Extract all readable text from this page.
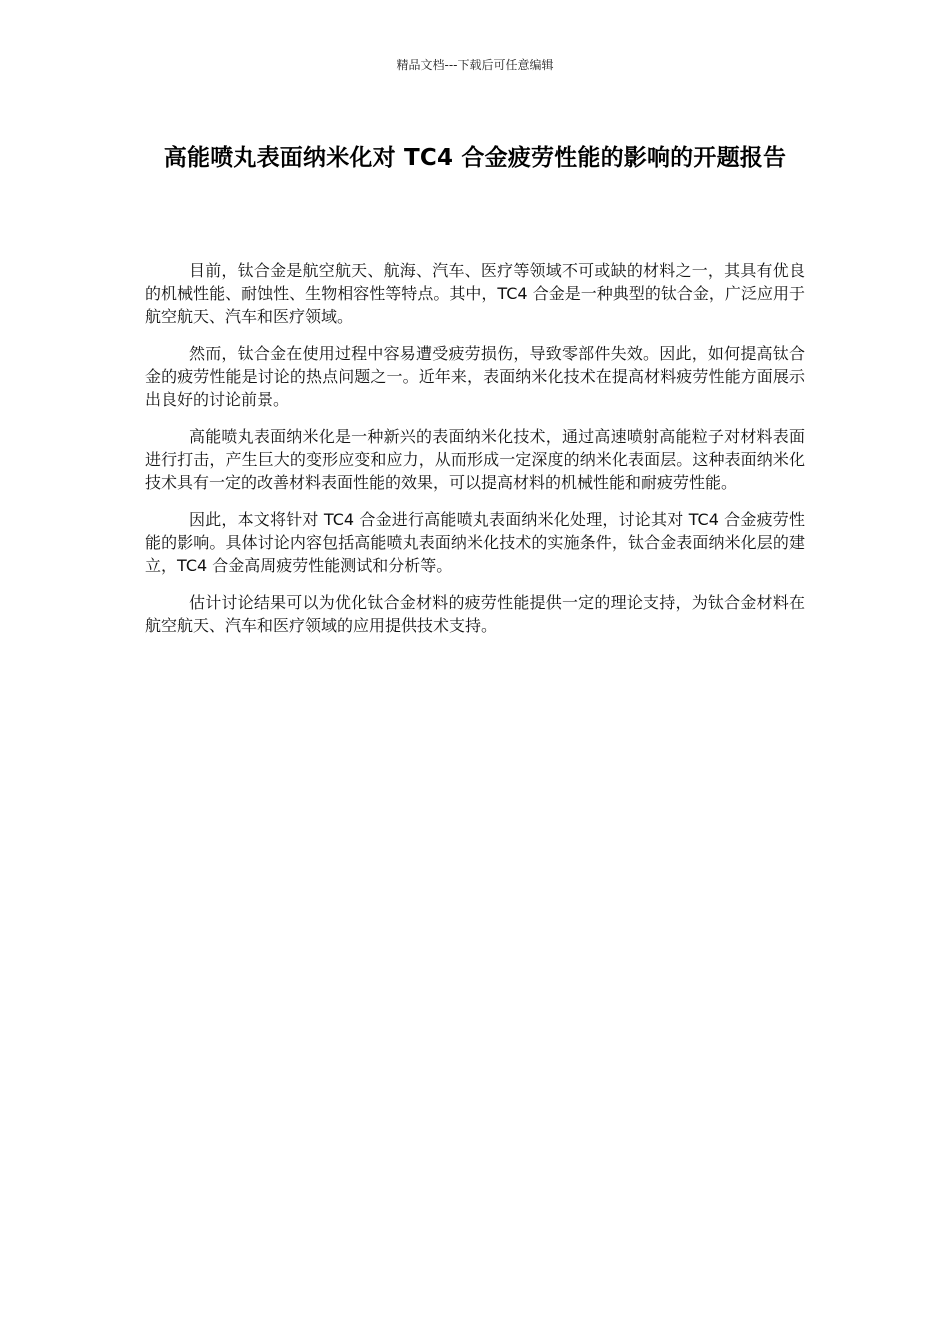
精品文档---下载后可任意编辑
高能喷丸表面纳米化对 TC4 合金疲劳性能的影响的开题报告

目前，钛合金是航空航天、航海、汽车、医疗等领域不可或缺的材料之一，其具有优良的机械性能、耐蚀性、生物相容性等特点。其中，TC4 合金是一种典型的钛合金，广泛应用于航空航天、汽车和医疗领域。

然而，钛合金在使用过程中容易遭受疲劳损伤，导致零部件失效。因此，如何提高钛合金的疲劳性能是讨论的热点问题之一。近年来，表面纳米化技术在提高材料疲劳性能方面展示出良好的讨论前景。

高能喷丸表面纳米化是一种新兴的表面纳米化技术，通过高速喷射高能粒子对材料表面进行打击，产生巨大的变形应变和应力，从而形成一定深度的纳米化表面层。这种表面纳米化技术具有一定的改善材料表面性能的效果，可以提高材料的机械性能和耐疲劳性能。

因此，本文将针对 TC4 合金进行高能喷丸表面纳米化处理，讨论其对 TC4 合金疲劳性能的影响。具体讨论内容包括高能喷丸表面纳米化技术的实施条件，钛合金表面纳米化层的建立，TC4 合金高周疲劳性能测试和分析等。

估计讨论结果可以为优化钛合金材料的疲劳性能提供一定的理论支持，为钛合金材料在航空航天、汽车和医疗领域的应用提供技术支持。
